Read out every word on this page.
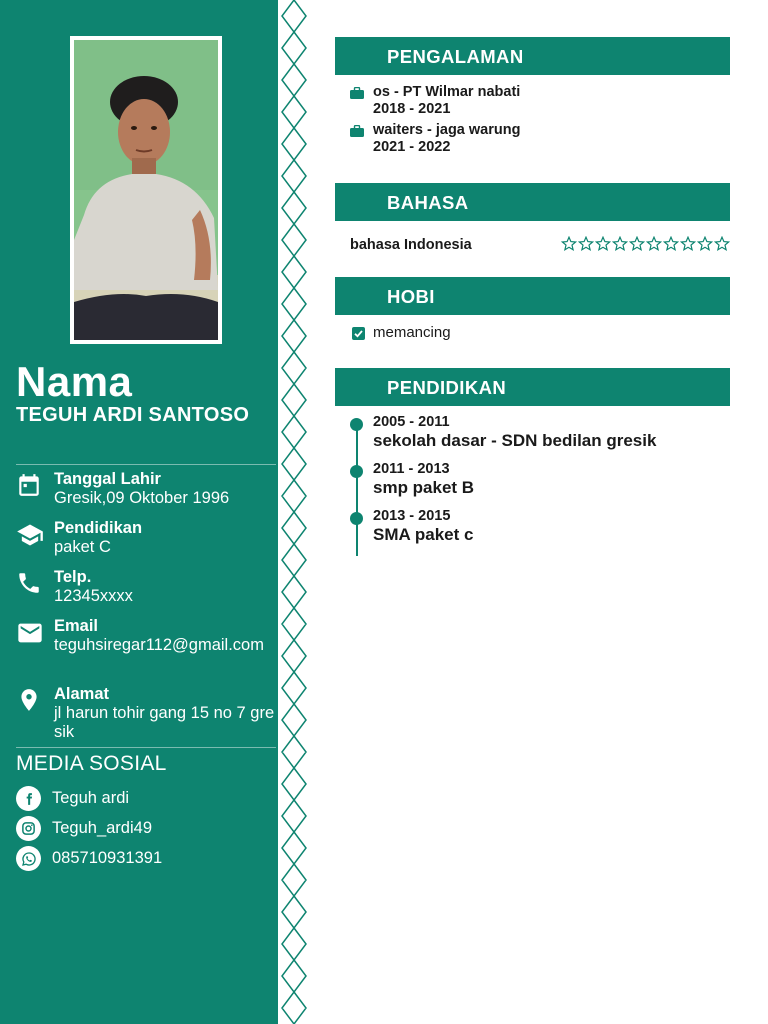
Nama
TEGUH ARDI SANTOSO
Tanggal Lahir
Gresik,09 Oktober 1996
Pendidikan
paket C
Telp.
12345xxxx
Email
teguhsiregar112@gmail.com
Alamat
jl harun tohir gang 15 no 7 gresik
MEDIA SOSIAL
Teguh ardi
Teguh_ardi49
085710931391
PENGALAMAN
os - PT Wilmar nabati
2018 - 2021
waiters - jaga warung
2021 - 2022
BAHASA
bahasa Indonesia
HOBI
memancing
PENDIDIKAN
2005 - 2011
sekolah dasar - SDN bedilan gresik
2011 - 2013
smp paket B
2013 - 2015
SMA paket c
